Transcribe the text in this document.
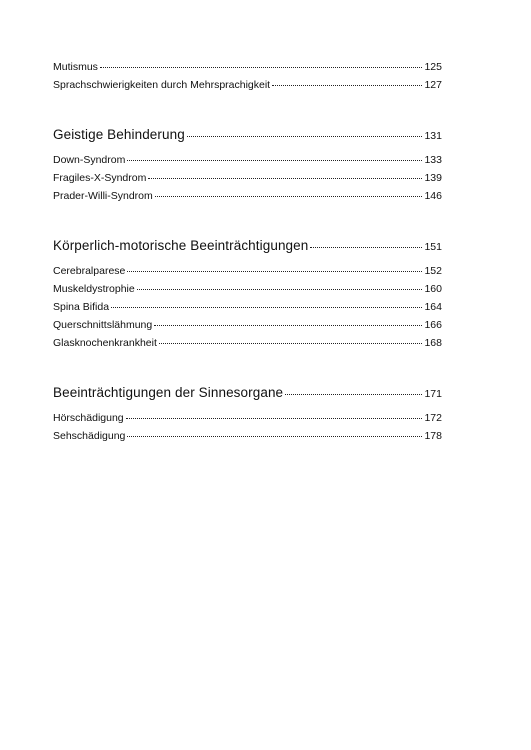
Mutismus	125
Sprachschwierigkeiten durch Mehrsprachigkeit	127
Geistige Behinderung	131
Down-Syndrom	133
Fragiles-X-Syndrom	139
Prader-Willi-Syndrom	146
Körperlich-motorische Beeinträchtigungen	151
Cerebralparese	152
Muskeldystrophie	160
Spina Bifida	164
Querschnittslähmung	166
Glasknochenkrankheit	168
Beeinträchtigungen der Sinnesorgane	171
Hörschädigung	172
Sehschädigung	178
